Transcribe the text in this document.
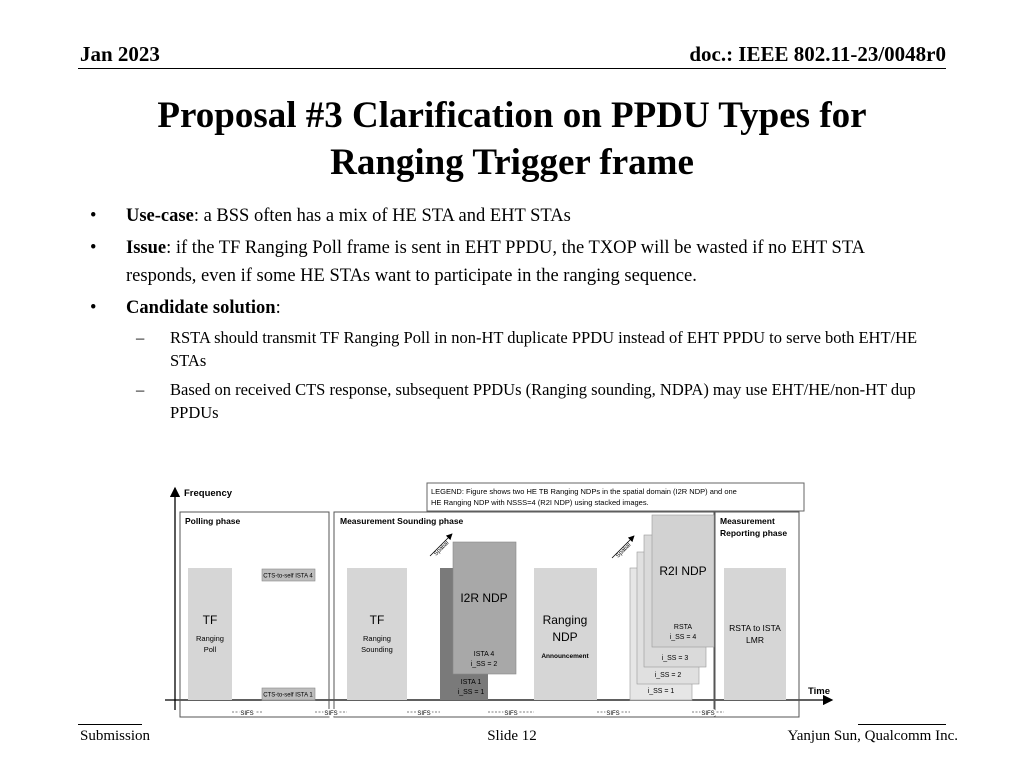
Jan 2023	doc.: IEEE 802.11-23/0048r0
Proposal #3 Clarification on PPDU Types for
Ranging Trigger frame
• Use-case: a BSS often has a mix of HE STA and EHT STAs
• Issue: if the TF Ranging Poll frame is sent in EHT PPDU, the TXOP will be wasted if no EHT STA responds, even if some HE STAs want to participate in the ranging sequence.
• Candidate solution:
– RSTA should transmit TF Ranging Poll in non-HT duplicate PPDU instead of EHT PPDU to serve both EHT/HE STAs
– Based on received CTS response, subsequent PPDUs (Ranging sounding, NDPA) may use EHT/HE/non-HT dup PPDUs
Frequency
Time
Polling phase	Measurement Sounding phase	Measurement
Reporting phase
LEGEND: Figure shows two HE TB Ranging NDPs in the spatial domain (I2R NDP) and one
HE Ranging NDP with NSSS=4 (R2I NDP) using stacked images.
TF
Ranging
Poll
CTS-to-self ISTA 4
CTS-to-self ISTA 1
TF
Ranging
Sounding
Spatial
I2R NDP
ISTA 4
i_SS = 2
ISTA 1
i_SS = 1
Ranging
NDP
Announcement
Spatial
R2I NDP
RSTA
i_SS = 4
i_SS = 3
i_SS = 2
i_SS = 1
RSTA to ISTA
LMR
SIFS	SIFS	SIFS	SIFS	SIFS	SIFS
Submission	Slide 12	Yanjun Sun, Qualcomm Inc.
